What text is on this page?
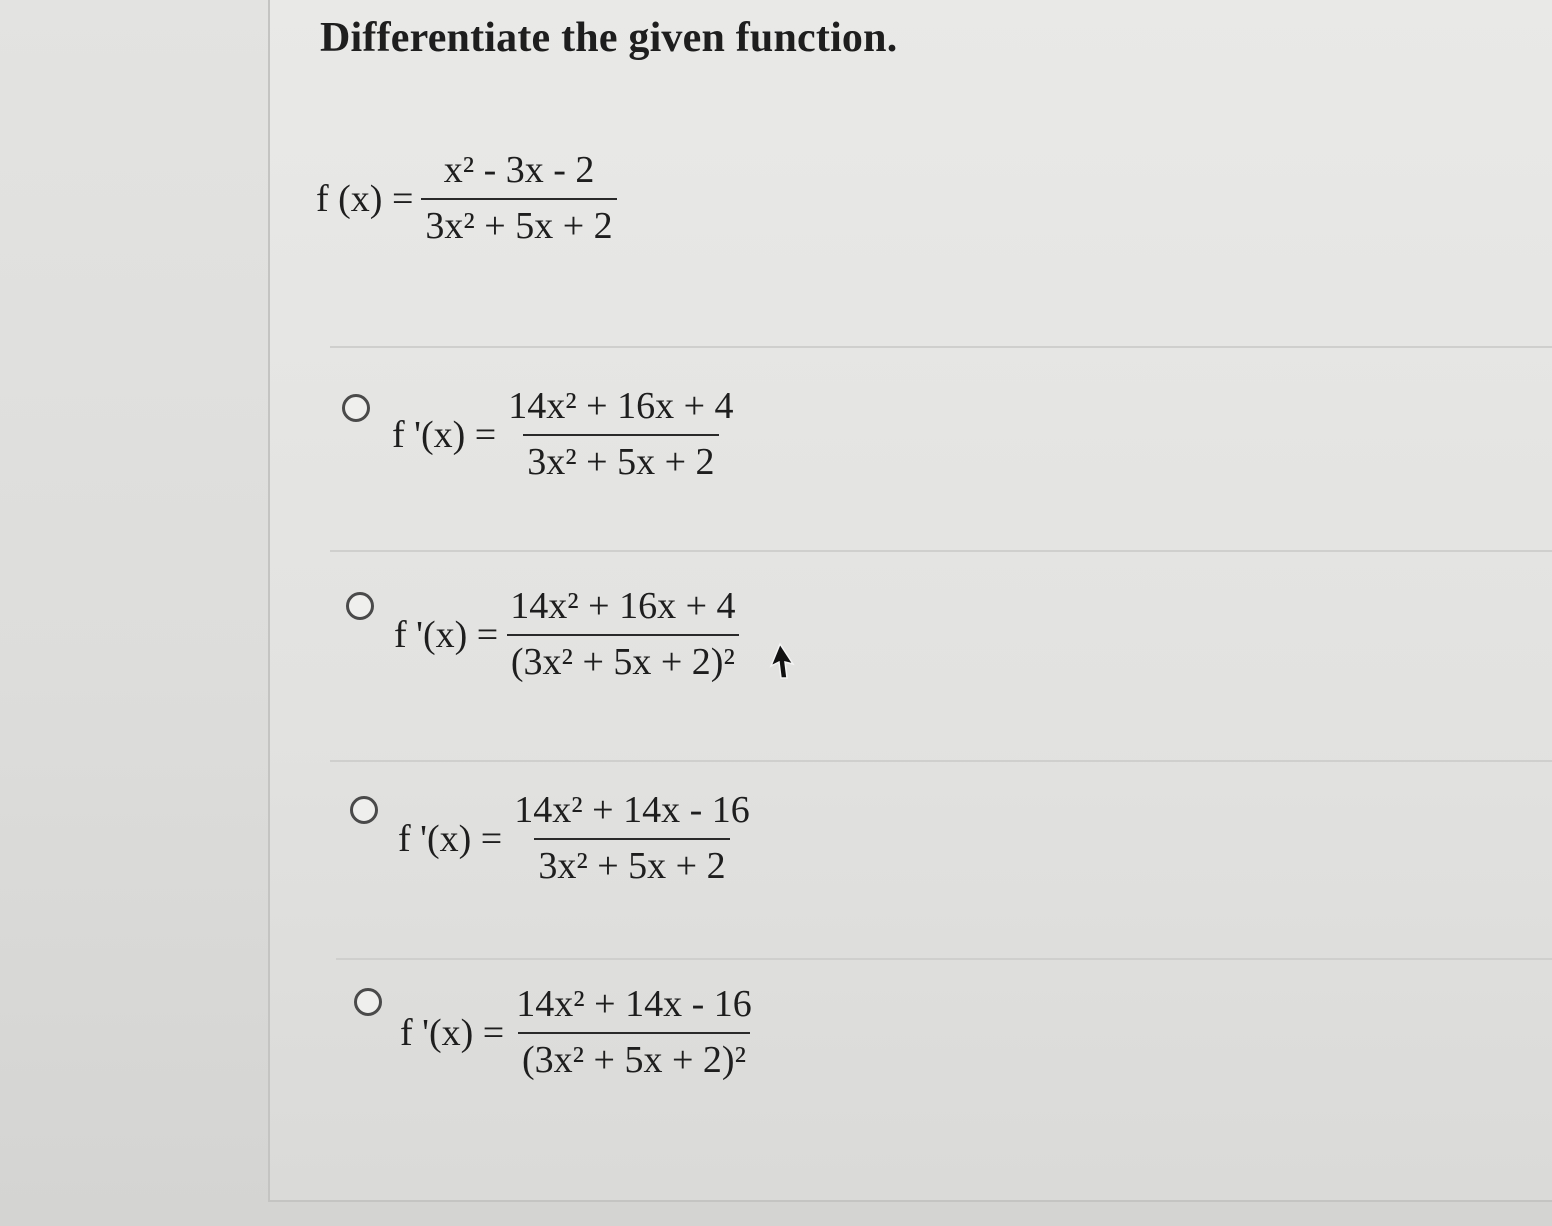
Differentiate the given function.
f $(x) = \frac{\text{x² - 3x - 2}}{\text{3x² + 5x + 2}}$
f '$(x) = \frac{\text{14x² + 16x + 4}}{\text{3x² + 5x + 2}}$
f '$(x) = \frac{\text{14x² + 16x + 4}}{\text{(3x² + 5x + 2)²}}$
f '$(x) = \frac{\text{14x² + 14x - 16}}{\text{3x² + 5x + 2}}$
f '$(x) = \frac{\text{14x² + 14x - 16}}{\text{(3x² + 5x + 2)²}}$
